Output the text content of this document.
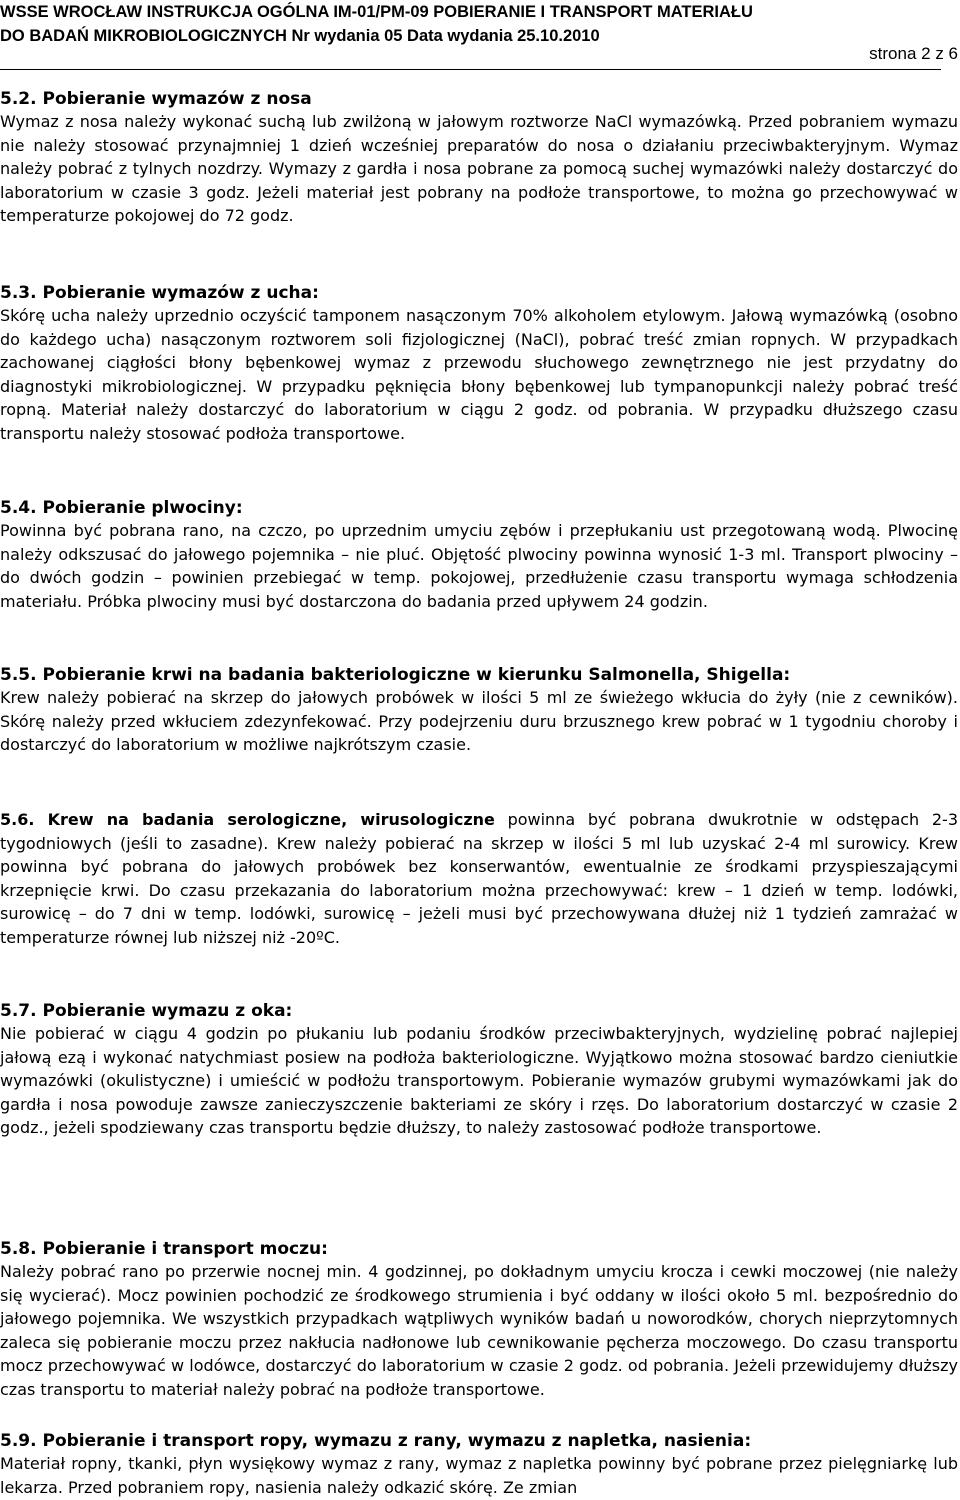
WSSE WROCŁAW INSTRUKCJA OGÓLNA IM-01/PM-09 POBIERANIE I TRANSPORT MATERIAŁU
DO BADAŃ MIKROBIOLOGICZNYCH Nr wydania 05 Data wydania 25.10.2010
strona 2 z 6
5.2. Pobieranie wymazów z nosa

Wymaz z nosa należy wykonać suchą lub zwilżoną w jałowym roztworze NaCl wymazówką. Przed pobraniem wymazu nie należy stosować przynajmniej 1 dzień wcześniej preparatów do nosa o działaniu przeciwbakteryjnym. Wymaz należy pobrać z tylnych nozdrzy. Wymazy z gardła i nosa pobrane za pomocą suchej wymazówki należy dostarczyć do laboratorium w czasie 3 godz. Jeżeli materiał jest pobrany na podłoże transportowe, to można go przechowywać w temperaturze pokojowej do 72 godz.

5.3. Pobieranie wymazów z ucha:

Skórę ucha należy uprzednio oczyścić tamponem nasączonym 70% alkoholem etylowym. Jałową wymazówką (osobno do każdego ucha) nasączonym roztworem soli fizjologicznej (NaCl), pobrać treść zmian ropnych. W przypadkach zachowanej ciągłości błony bębenkowej wymaz z przewodu słuchowego zewnętrznego nie jest przydatny do diagnostyki mikrobiologicznej. W przypadku pęknięcia błony bębenkowej lub tympanopunkcji należy pobrać treść ropną. Materiał należy dostarczyć do laboratorium w ciągu 2 godz. od pobrania. W przypadku dłuższego czasu transportu należy stosować podłoża transportowe.

5.4. Pobieranie plwociny:

Powinna być pobrana rano, na czczo, po uprzednim umyciu zębów i przepłukaniu ust przegotowaną wodą. Plwocinę należy odkszusać do jałowego pojemnika – nie pluć. Objętość plwociny powinna wynosić 1-3 ml. Transport plwociny – do dwóch godzin – powinien przebiegać w temp. pokojowej, przedłużenie czasu transportu wymaga schłodzenia materiału. Próbka plwociny musi być dostarczona do badania przed upływem 24 godzin.

5.5. Pobieranie krwi na badania bakteriologiczne w kierunku Salmonella, Shigella:

Krew należy pobierać na skrzep do jałowych probówek w ilości 5 ml ze świeżego wkłucia do żyły (nie z cewników). Skórę należy przed wkłuciem zdezynfekować. Przy podejrzeniu duru brzusznego krew pobrać w 1 tygodniu choroby i dostarczyć do laboratorium w możliwe najkrótszym czasie.

5.6. Krew na badania serologiczne, wirusologiczne powinna być pobrana dwukrotnie w odstępach 2-3 tygodniowych (jeśli to zasadne). Krew należy pobierać na skrzep w ilości 5 ml lub uzyskać 2-4 ml surowicy. Krew powinna być pobrana do jałowych probówek bez konserwantów, ewentualnie ze środkami przyspieszającymi krzepnięcie krwi. Do czasu przekazania do laboratorium można przechowywać: krew – 1 dzień w temp. lodówki, surowicę – do 7 dni w temp. lodówki, surowicę – jeżeli musi być przechowywana dłużej niż 1 tydzień zamrażać w temperaturze równej lub niższej niż -20ºC.

5.7. Pobieranie wymazu z oka:

Nie pobierać w ciągu 4 godzin po płukaniu lub podaniu środków przeciwbakteryjnych, wydzielinę pobrać najlepiej jałową ezą i wykonać natychmiast posiew na podłoża bakteriologiczne. Wyjątkowo można stosować bardzo cieniutkie wymazówki (okulistyczne) i umieścić w podłożu transportowym. Pobieranie wymazów grubymi wymazówkami jak do gardła i nosa powoduje zawsze zanieczyszczenie bakteriami ze skóry i rzęs. Do laboratorium dostarczyć w czasie 2 godz., jeżeli spodziewany czas transportu będzie dłuższy, to należy zastosować podłoże transportowe.

5.8. Pobieranie i transport moczu:

Należy pobrać rano po przerwie nocnej min. 4 godzinnej, po dokładnym umyciu krocza i cewki moczowej (nie należy się wycierać). Mocz powinien pochodzić ze środkowego strumienia i być oddany w ilości około 5 ml. bezpośrednio do jałowego pojemnika. We wszystkich przypadkach wątpliwych wyników badań u noworodków, chorych nieprzytomnych zaleca się pobieranie moczu przez nakłucia nadłonowe lub cewnikowanie pęcherza moczowego. Do czasu transportu mocz przechowywać w lodówce, dostarczyć do laboratorium w czasie 2 godz. od pobrania. Jeżeli przewidujemy dłuższy czas transportu to materiał należy pobrać na podłoże transportowe.

5.9. Pobieranie i transport ropy, wymazu z rany, wymazu z napletka, nasienia:

Materiał ropny, tkanki, płyn wysiękowy wymaz z rany, wymaz z napletka powinny być pobrane przez pielęgniarkę lub lekarza. Przed pobraniem ropy, nasienia należy odkazić skórę. Ze zmian
